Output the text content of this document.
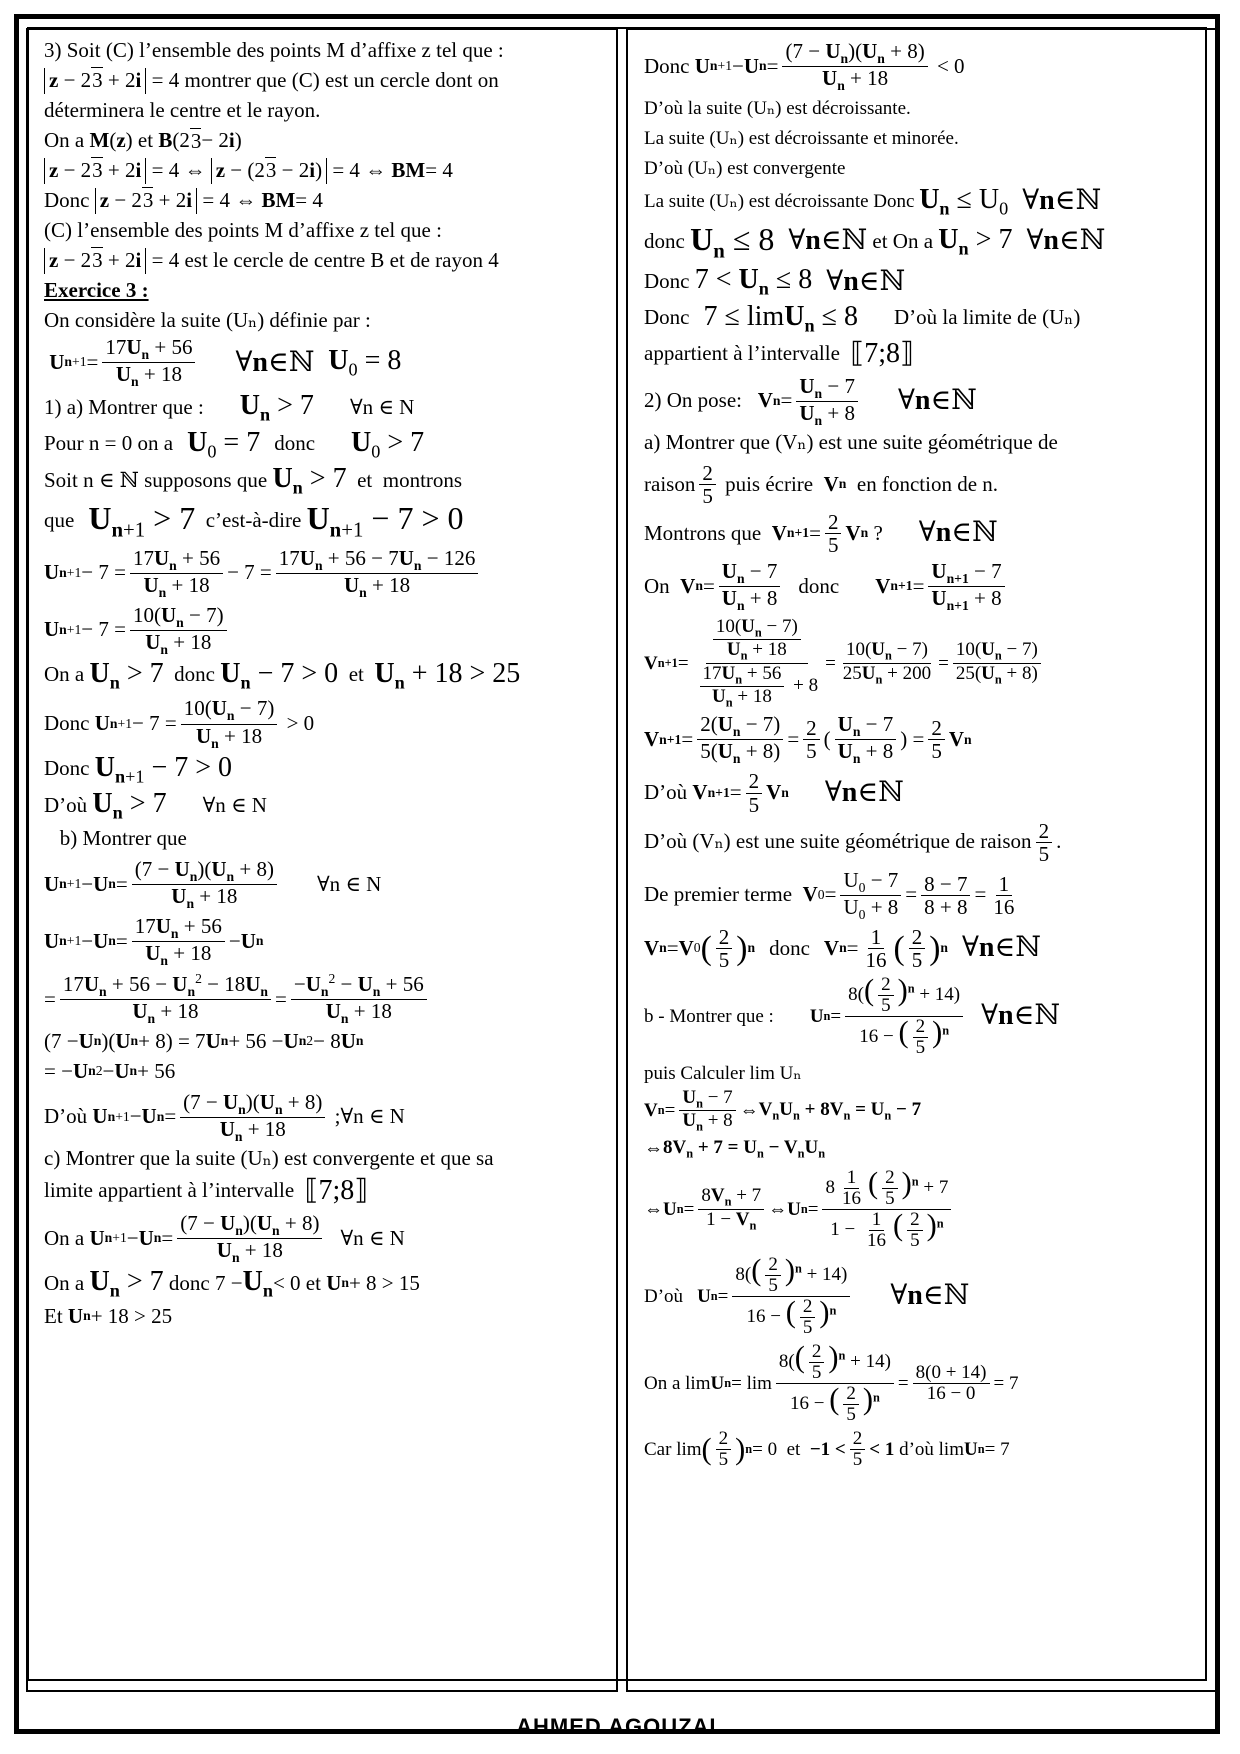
3) Soit (C) l’ensemble des points M d’affixe z tel que :
z − 23 + 2i = 4 montrer que (C) est un cercle dont on
déterminera le centre et le rayon.
On a
M ( z ) et
B (2 3 − 2 i )
z − 23 + 2i = 4 ⇔ z − (23 − 2i) = 4 ⇔ BM = 4
Donc
z − 23 + 2i = 4 ⇔ BM = 4
(C) l’ensemble des points M d’affixe z tel que :
z − 23 + 2i = 4 est le cercle de centre B et de rayon 4
Exercice 3 :
On considère la suite (Uₙ) définie par :

U $n+1 = \frac{17U_n + 56}{U_n + 18}$ ∀n∈ℕ $U_0 = 8$
1) a) Montrer que : $U_n > 7$ ∀n ∈ N
Pour n = 0 on a $U_0 = 7$ donc $U_0 > 7$
Soit n ∈ ℕ supposons que
$U_n > 7$
et
montrons
que $U_{n+1} > 7$
c’est-à-dire
$U_{n+1} - 7 > 0$
U $n+1 - 7 = \frac{17U_n + 56}{U_n + 18} - 7 = \frac{17U_n + 56 - 7U_n - 126}{U_n + 18}$
U $n+1 - 7 = \frac{10(U_n - 7)}{U_n + 18}$
On a
$U_n > 7$
donc
$U_n - 7 > 0$
et
$U_n + 18 > 25$
Donc
U $n+1 - 7 = \frac{10(U_n - 7)}{U_n + 18} > 0$
Donc
$U_{n+1} - 7 > 0$
D’où
$U_n > 7$ ∀n ∈ N

b) Montrer que
U n+1 − U $n = \frac{(7 - U_n)(U_n + 8)}{U_n + 18}$ ∀n ∈ N
U n+1 − U $n = \frac{17U_n + 56}{U_n + 18} - U$ n
= $\frac{17U_n + 56 - U_n^2 - 18U_n}{U_n + 18} = \frac{-U_n^2 - U_n + 56}{U_n + 18}$
(7 − U n )( U n + 8) = 7 U n + 56 − U n 2 − 8 U n
= − U n 2 − U n + 56
D’où
U n+1 − U $n = \frac{(7 - U_n)(U_n + 8)}{U_n + 18}$ ;∀n ∈ N
c) Montrer que la suite (Uₙ) est convergente et que sa
limite appartient à l’intervalle
⟦7;8⟧
On a
U n+1 − U $n = \frac{(7 - U_n)(U_n + 8)}{U_n + 18}$ ∀n ∈ N
On a
$U_n > 7$
donc $7 - U_n < 0$ et
U n + 8 > 15
Et
U n + 18 > 25
Donc
U n+1 − U $n = \frac{(7 - U_n)(U_n + 8)}{U_n + 18} < 0$
D’où la suite (Uₙ) est décroissante.
La suite (Uₙ) est décroissante et minorée.
D’où (Uₙ) est convergente
La suite (Uₙ) est décroissante Donc
$U_n \le U_0$ ∀n∈ℕ
donc
$U_n \le 8$ ∀n∈ℕ
et On a
$U_n > 7$ ∀n∈ℕ
Donc
$7 < U_n \le 8$ ∀n∈ℕ
Donc 7 ≤ limU$_n$ ≤ 8 D’où la limite de (Uₙ)
appartient à l’intervalle
⟦7;8⟧
2) On pose:
V $n = \frac{U_n - 7}{U_n + 8}$ ∀n∈ℕ
a) Montrer que (Vₙ) est une suite géométrique de
raison $\frac{2}{5}$
puis écrire
V n
en fonction de n.
Montrons que
V $n+1 = \frac{2}{5}$ V n ? ∀n∈ℕ
On
V $n = \frac{U_n - 7}{U_n + 8}$ donc V $n+1 = \frac{U_{n+1} - 7}{U_{n+1} + 8}$
V $n+1 = \frac{\frac{10(U_n - 7)}{U_n + 18}}{\frac{17U_n + 56}{U_n + 18} + 8} = \frac{10(U_n - 7)}{25U_n + 200} = \frac{10(U_n - 7)}{25(U_n + 8)}$
V $n+1 = \frac{2(U_n - 7)}{5(U_n + 8)} = \frac{2}{5}$ ( $\frac{U_n - 7}{U_n + 8}$ ) = $\frac{2}{5}$ V n
D’où
V $n+1 = \frac{2}{5}$ V n ∀n∈ℕ
D’où (Vₙ) est une suite géométrique de raison $\frac{2}{5}$ .
De premier terme
V $0 = \frac{U_0 - 7}{U_0 + 8} = \frac{8 - 7}{8 + 8} = \frac{1}{16}$
V n = V 0 ( $\frac{2}{5}$ ) n donc V $n = \frac{1}{16}$ ( $\frac{2}{5}$ ) n ∀n∈ℕ
b - Montrer que : U $n = \frac{8(( \frac{2}{5} )^n + 14)}{16 - ( \frac{2}{5} )^n}$ ∀n∈ℕ
puis Calculer lim Uₙ
V $n = \frac{U_n - 7}{U_n + 8}$ ⇔ $V_nU_n + 8V_n = U_n - 7$
⇔ $8V_n + 7 = U_n - V_nU_n$
⇔ U $n = \frac{8V_n + 7}{1 - V_n}$ ⇔ U $n = \frac{8 \frac{1}{16} ( \frac{2}{5} )^n + 7}{1 - \frac{1}{16} ( \frac{2}{5} )^n}$
D’où U $n = \frac{8(( \frac{2}{5} )^n + 14)}{16 - ( \frac{2}{5} )^n}$ ∀n∈ℕ
On a lim U $n = \lim \frac{8(( \frac{2}{5} )^n + 14)}{16 - ( \frac{2}{5} )^n} = \frac{8(0 + 14)}{16 - 0} = 7$
Car lim ( $\frac{2}{5}$ ) n = 0 et
$-1 < \frac{2}{5} < 1$
d’où lim U n = 7
AHMED AGOUZAL
